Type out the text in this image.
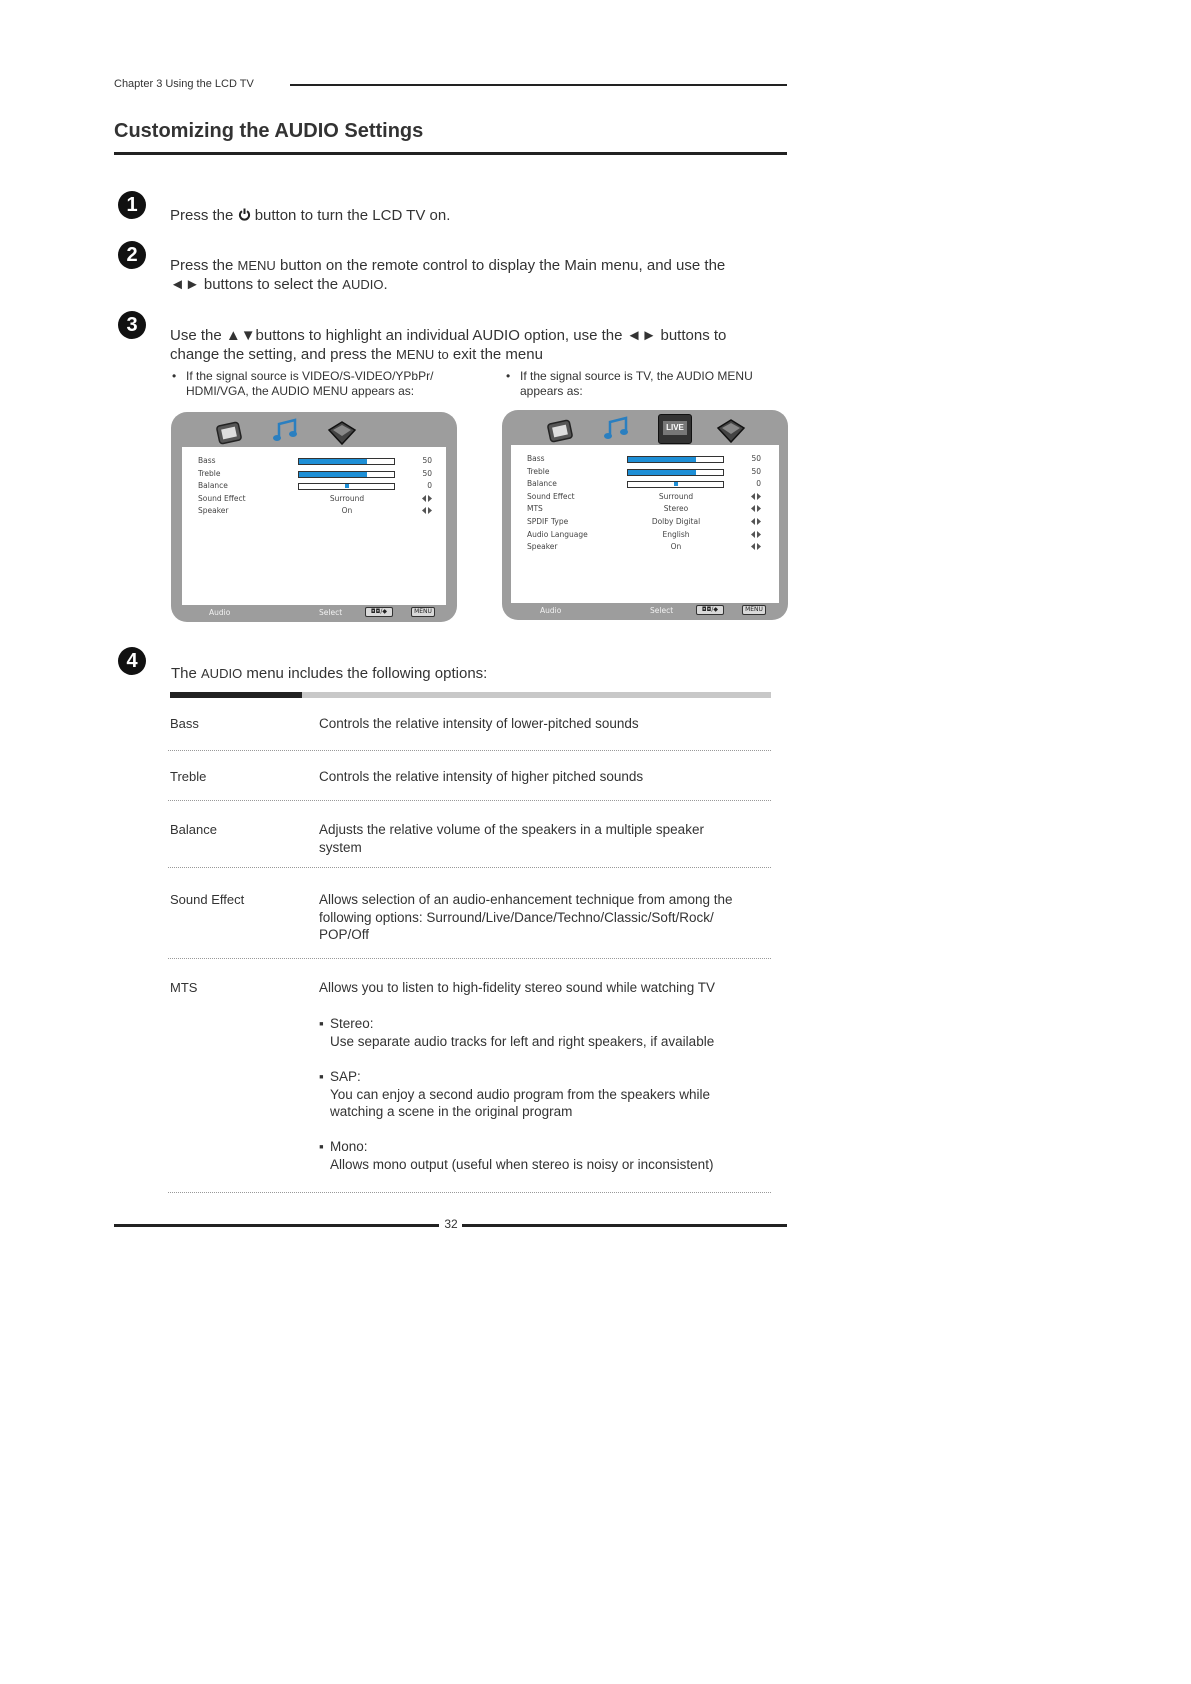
Chapter 3 Using the LCD TV
Customizing the AUDIO Settings
1	Press the  button to turn the LCD TV on.
2	Press the MENU button on the remote control to display the Main menu, and use the
◄► buttons to select the AUDIO.
3	Use the ▲▼buttons to highlight an individual AUDIO option, use the ◄► buttons to
change the setting, and press the MENU to exit the menu
• If the signal source is VIDEO/S-VIDEO/YPbPr/
HDMI/VGA, the AUDIO MENU appears as:
• If the signal source is TV, the AUDIO MENU
appears as:
Bass	50
Treble	50
Balance	0
Sound Effect	Surround
Speaker	On
Audio	Select	◘◘/◆	MENU
LIVE
Bass	50
Treble	50
Balance	0
Sound Effect	Surround
MTS	Stereo
SPDIF Type	Dolby Digital
Audio Language	English
Speaker	On
Audio	Select	◘◘/◆	MENU
4
The AUDIO menu includes the following options:
Bass	Controls the relative intensity of lower-pitched sounds
Treble	Controls the relative intensity of higher pitched sounds
Balance	Adjusts the relative volume of the speakers in a multiple speaker
system
Sound Effect	Allows selection of an audio-enhancement technique from among the
following options: Surround/Live/Dance/Techno/Classic/Soft/Rock/
POP/Off
MTS	Allows you to listen to high-fidelity stereo sound while watching TV
▪ Stereo:
Use separate audio tracks for left and right speakers, if available
▪ SAP:
You can enjoy a second audio program from the speakers while
watching a scene in the original program
▪ Mono:
Allows mono output (useful when stereo is noisy or inconsistent)
32
